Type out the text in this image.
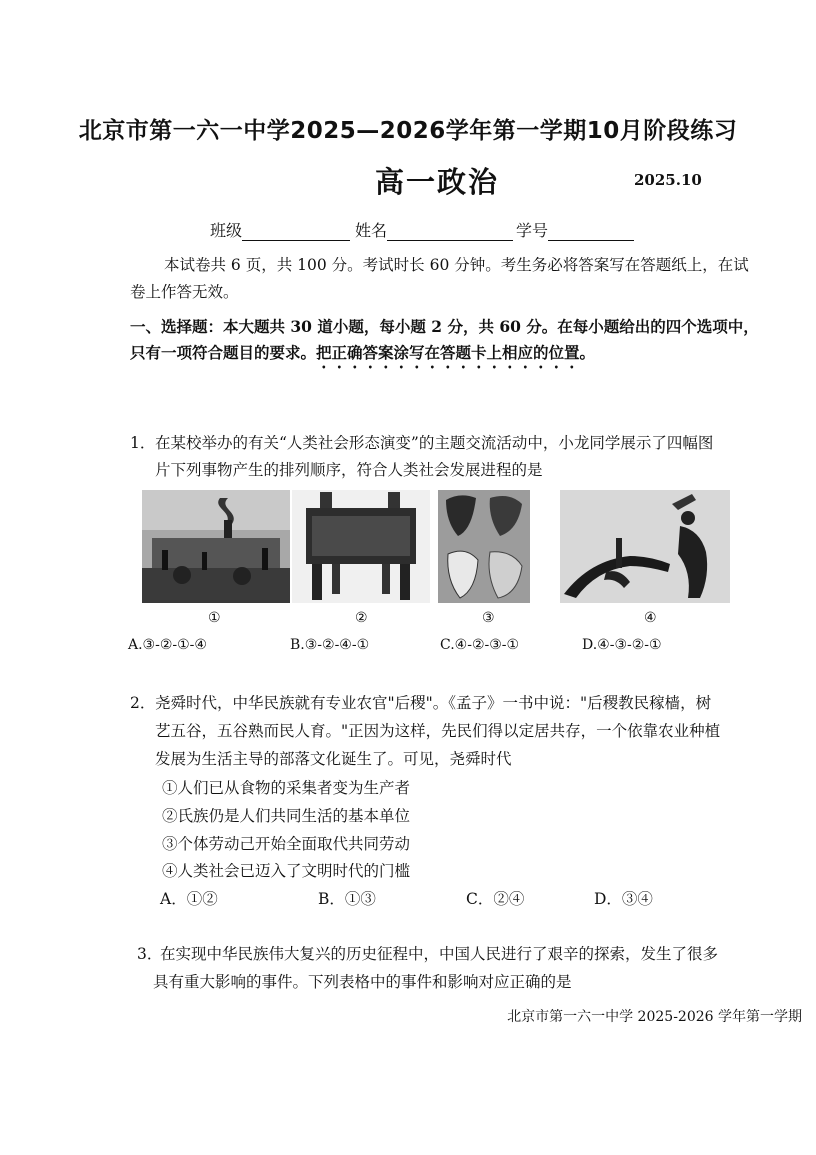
北京市第一六一中学2025—2026学年第一学期10月阶段练习
高一政治	2025.10
班级	姓名	学号
本试卷共 6 页，共 100 分。考试时长 60 分钟。考生务必将答案写在答题纸上，在试
卷上作答无效。
一、选择题：本大题共 30 道小题，每小题 2 分，共 60 分。在每小题给出的四个选项中，
只有一项符合题目的要求。把正确答案涂写在答题卡上相应的位置。
1． 在某校举办的有关“人类社会形态演变”的主题交流活动中，小龙同学展示了四幅图
片下列事物产生的排列顺序，符合人类社会发展进程的是
①	②	③	④
A.③-②-①-④	B.③-②-④-①	C.④-②-③-①	D.④-③-②-①
2． 尧舜时代，中华民族就有专业农官"后稷"。《孟子》一书中说："后稷教民稼樯，树
艺五谷，五谷熟而民人育。"正因为这样，先民们得以定居共存，一个依靠农业种植
发展为生活主导的部落文化诞生了。可见，尧舜时代
①人们已从食物的采集者变为生产者
②氏族仍是人们共同生活的基本单位
③个体劳动己开始全面取代共同劳动
④人类社会已迈入了文明时代的门槛
A．①②	B．①③	C．②④	D．③④
3．
在实现中华民族伟大复兴的历史征程中，中国人民进行了艰辛的探索，发生了很多
具有重大影响的事件。下列表格中的事件和影响对应正确的是
北京市第一六一中学 2025-2026 学年第一学期
